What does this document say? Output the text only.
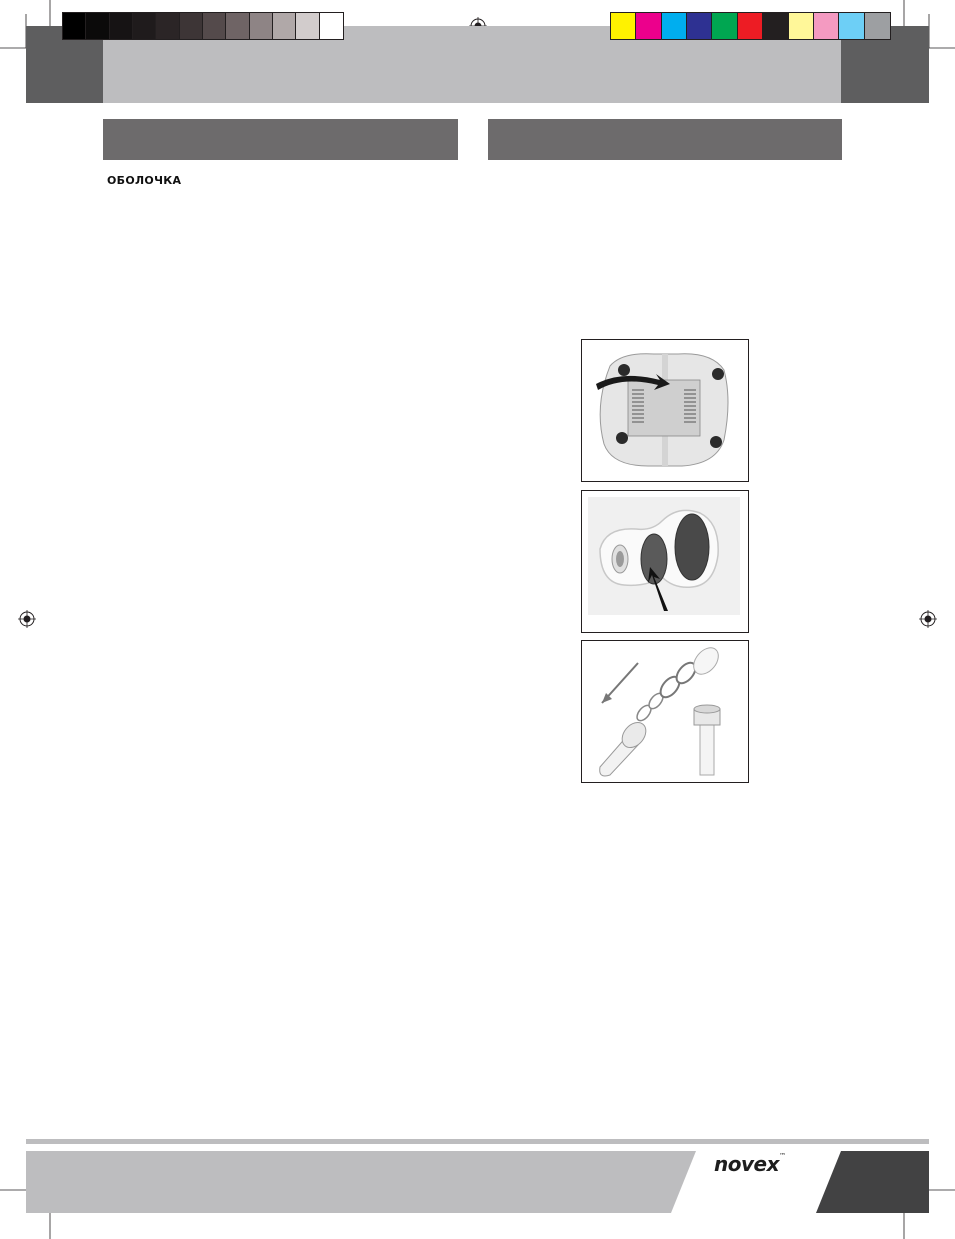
ОБОЛОЧКА
novex™
